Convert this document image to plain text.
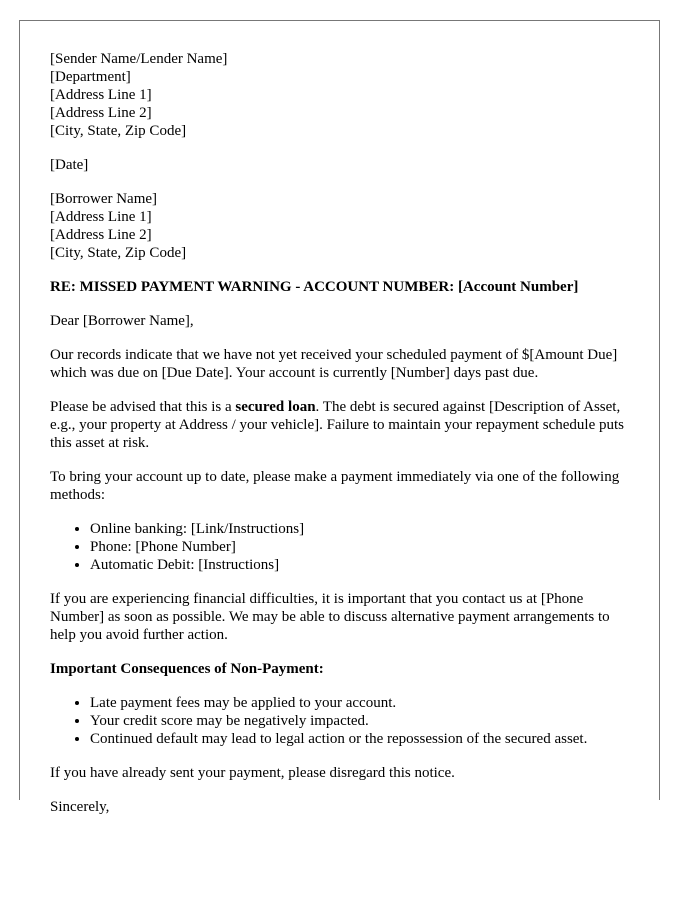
[Sender Name/Lender Name]
[Department]
[Address Line 1]
[Address Line 2]
[City, State, Zip Code]
[Date]
[Borrower Name]
[Address Line 1]
[Address Line 2]
[City, State, Zip Code]

RE: MISSED PAYMENT WARNING - ACCOUNT NUMBER: [Account Number]

Dear [Borrower Name],

Our records indicate that we have not yet received your scheduled payment of $[Amount Due] which was due on [Due Date]. Your account is currently [Number] days past due.

Please be advised that this is a secured loan. The debt is secured against [Description of Asset, e.g., your property at Address / your vehicle]. Failure to maintain your repayment schedule puts this asset at risk.

To bring your account up to date, please make a payment immediately via one of the following methods:

• Online banking: [Link/Instructions]
• Phone: [Phone Number]
• Automatic Debit: [Instructions]

If you are experiencing financial difficulties, it is important that you contact us at [Phone Number] as soon as possible. We may be able to discuss alternative payment arrangements to help you avoid further action.

Important Consequences of Non-Payment:

• Late payment fees may be applied to your account.
• Your credit score may be negatively impacted.
• Continued default may lead to legal action or the repossession of the secured asset.

If you have already sent your payment, please disregard this notice.

Sincerely,
